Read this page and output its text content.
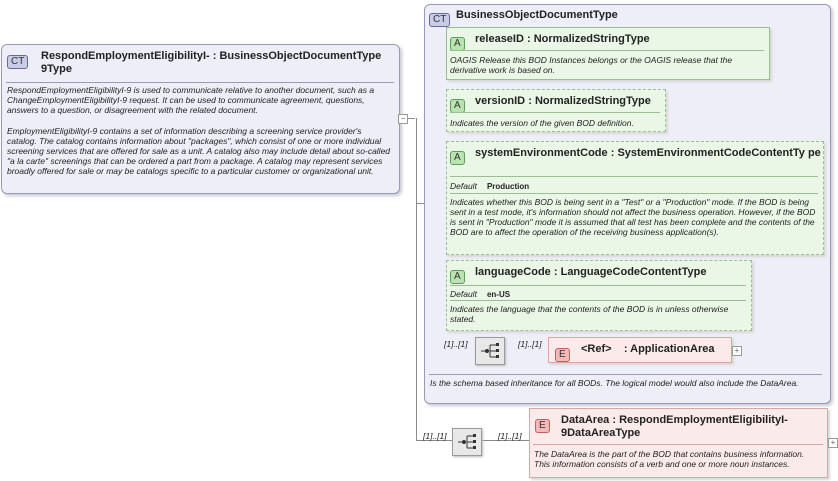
CT	RespondEmploymentEligibilityI- : BusinessObjectDocumentType 9Type
RespondEmploymentEligibilityI-9 is used to communicate relative to another document, such as a ChangeEmploymentEligibilityI-9 request. It can be used to communicate agreement, questions, answers to a question, or disagreement with the related document.
EmploymentEligibilityI-9 contains a set of information describing a screening service provider's catalog. The catalog contains information about "packages", which consist of one or more individual screening services that are offered for sale as a unit. A catalog also may include detail about so-called "a la carte" screenings that can be ordered a part from a package. A catalog may represent services broadly offered for sale or may be catalogs specific to a particular customer or organizational unit.
−
CT BusinessObjectDocumentType
Is the schema based inheritance for all BODs. The logical model would also include the DataArea.
A	releaseID : NormalizedStringType
OAGIS Release this BOD Instances belongs or the OAGIS release that the derivative work is based on.
A	versionID : NormalizedStringType
Indicates the version of the given BOD definition.
A	systemEnvironmentCode : SystemEnvironmentCodeContentTy pe
Default Production
Indicates whether this BOD is being sent in a "Test" or a "Production" mode. If the BOD is being sent in a test mode, it's information should not affect the business operation. However, if the BOD is sent in "Production" mode it is assumed that all test has been complete and the contents of the BOD are to affect the operation of the receiving business application(s).
A	languageCode : LanguageCodeContentType
Default en-US
Indicates the language that the contents of the BOD is in unless otherwise stated.
[1]..[1]	[1]..[1]
E	<Ref> : ApplicationArea	+
[1]..[1]	[1]..[1]
E	DataArea : RespondEmploymentEligibilityI- 9DataAreaType
The DataArea is the part of the BOD that contains business information. This information consists of a verb and one or more noun instances.
+
